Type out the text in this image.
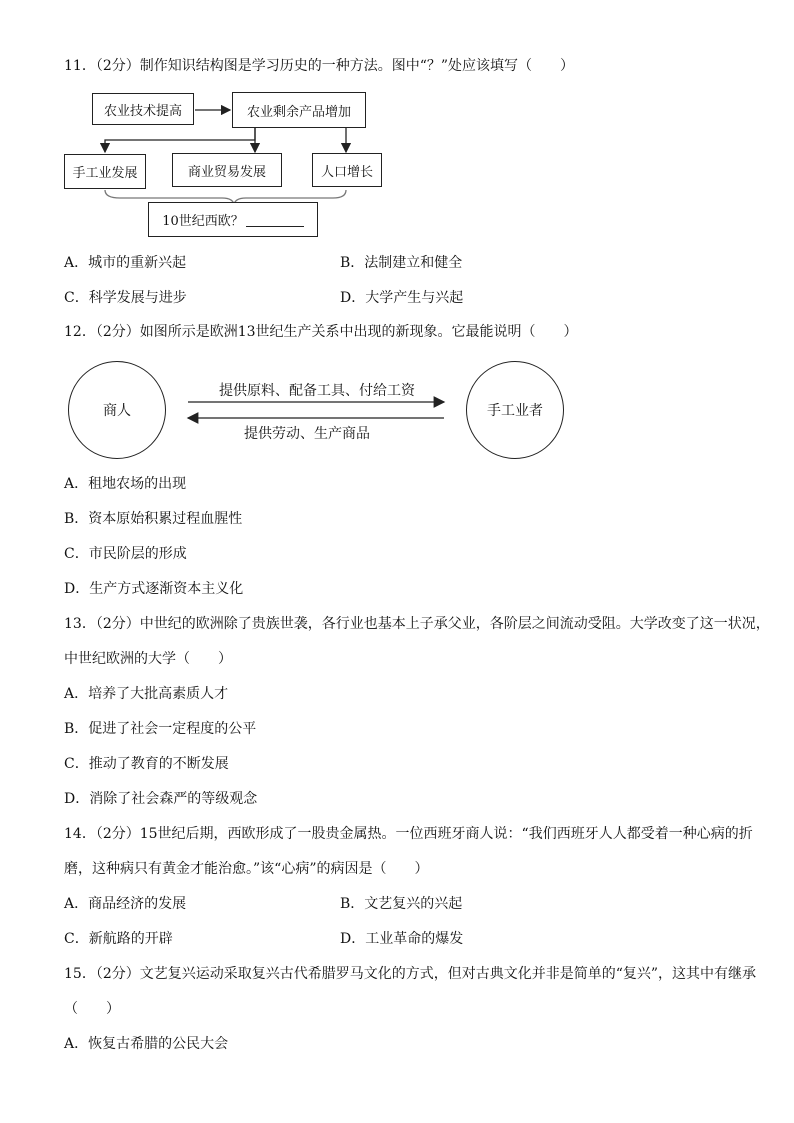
11．（2分）制作知识结构图是学习历史的一种方法。图中“？”处应该填写（　　）
农业技术提高	农业剩余产品增加
手工业发展	商业贸易发展	人口增长
10世纪西欧？
A．城市的重新兴起	B．法制建立和健全
C．科学发展与进步	D．大学产生与兴起
12．（2分）如图所示是欧洲13世纪生产关系中出现的新现象。它最能说明（　　）
商人	手工业者
提供原料、配备工具、付给工资
提供劳动、生产商品
A．租地农场的出现
B．资本原始积累过程血腥性
C．市民阶层的形成
D．生产方式逐渐资本主义化
13．（2分）中世纪的欧洲除了贵族世袭，各行业也基本上子承父业，各阶层之间流动受阻。大学改变了这一状况，
中世纪欧洲的大学（　　）
A．培养了大批高素质人才
B．促进了社会一定程度的公平
C．推动了教育的不断发展
D．消除了社会森严的等级观念
14．（2分）15世纪后期，西欧形成了一股贵金属热。一位西班牙商人说：“我们西班牙人人都受着一种心病的折
磨，这种病只有黄金才能治愈。”该“心病”的病因是（　　）
A．商品经济的发展	B．文艺复兴的兴起
C．新航路的开辟	D．工业革命的爆发
15．（2分）文艺复兴运动采取复兴古代希腊罗马文化的方式，但对古典文化并非是简单的“复兴”，这其中有继承
（　　）
A．恢复古希腊的公民大会
